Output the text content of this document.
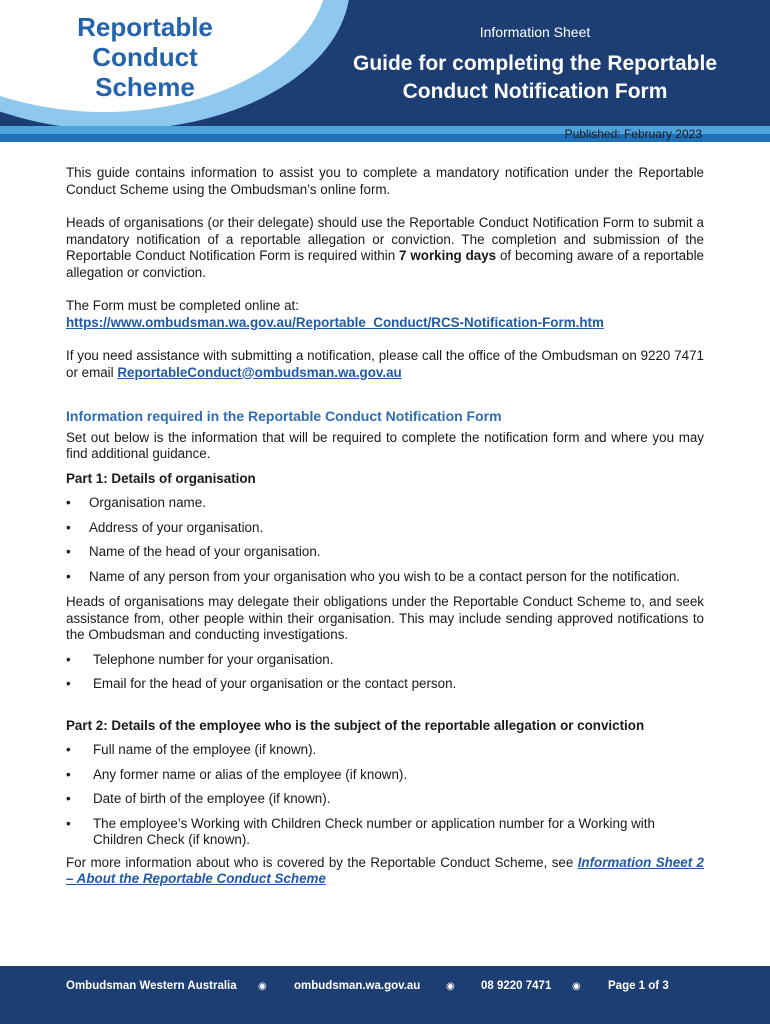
Reportable
Conduct
Scheme
Information Sheet
Guide for completing the Reportable
Conduct Notification Form
Published: February 2023

This guide contains information to assist you to complete a mandatory notification under the Reportable Conduct Scheme using the Ombudsman’s online form.

Heads of organisations (or their delegate) should use the Reportable Conduct Notification Form to submit a mandatory notification of a reportable allegation or conviction. The completion and submission of the Reportable Conduct Notification Form is required within 7 working days of becoming aware of a reportable allegation or conviction.

The Form must be completed online at:

https://www.ombudsman.wa.gov.au/Reportable_Conduct/RCS-Notification-Form.htm

If you need assistance with submitting a notification, please call the office of the Ombudsman on 9220 7471 or email ReportableConduct@ombudsman.wa.gov.au

Information required in the Reportable Conduct Notification Form

Set out below is the information that will be required to complete the notification form and where you may find additional guidance.

Part 1: Details of organisation

• Organisation name.
• Address of your organisation.
• Name of the head of your organisation.
• Name of any person from your organisation who you wish to be a contact person for the notification.

Heads of organisations may delegate their obligations under the Reportable Conduct Scheme to, and seek assistance from, other people within their organisation. This may include sending approved notifications to the Ombudsman and conducting investigations.

• Telephone number for your organisation.
• Email for the head of your organisation or the contact person.

Part 2: Details of the employee who is the subject of the reportable allegation or conviction

• Full name of the employee (if known).
• Any former name or alias of the employee (if known).
• Date of birth of the employee (if known).
• The employee’s Working with Children Check number or application number for a Working with Children Check (if known).

For more information about who is covered by the Reportable Conduct Scheme, see Information Sheet 2 – About the Reportable Conduct Scheme

Ombudsman Western Australia ◉ ombudsman.wa.gov.au	◉ 08 9220 7471 ◉ Page 1 of 3
